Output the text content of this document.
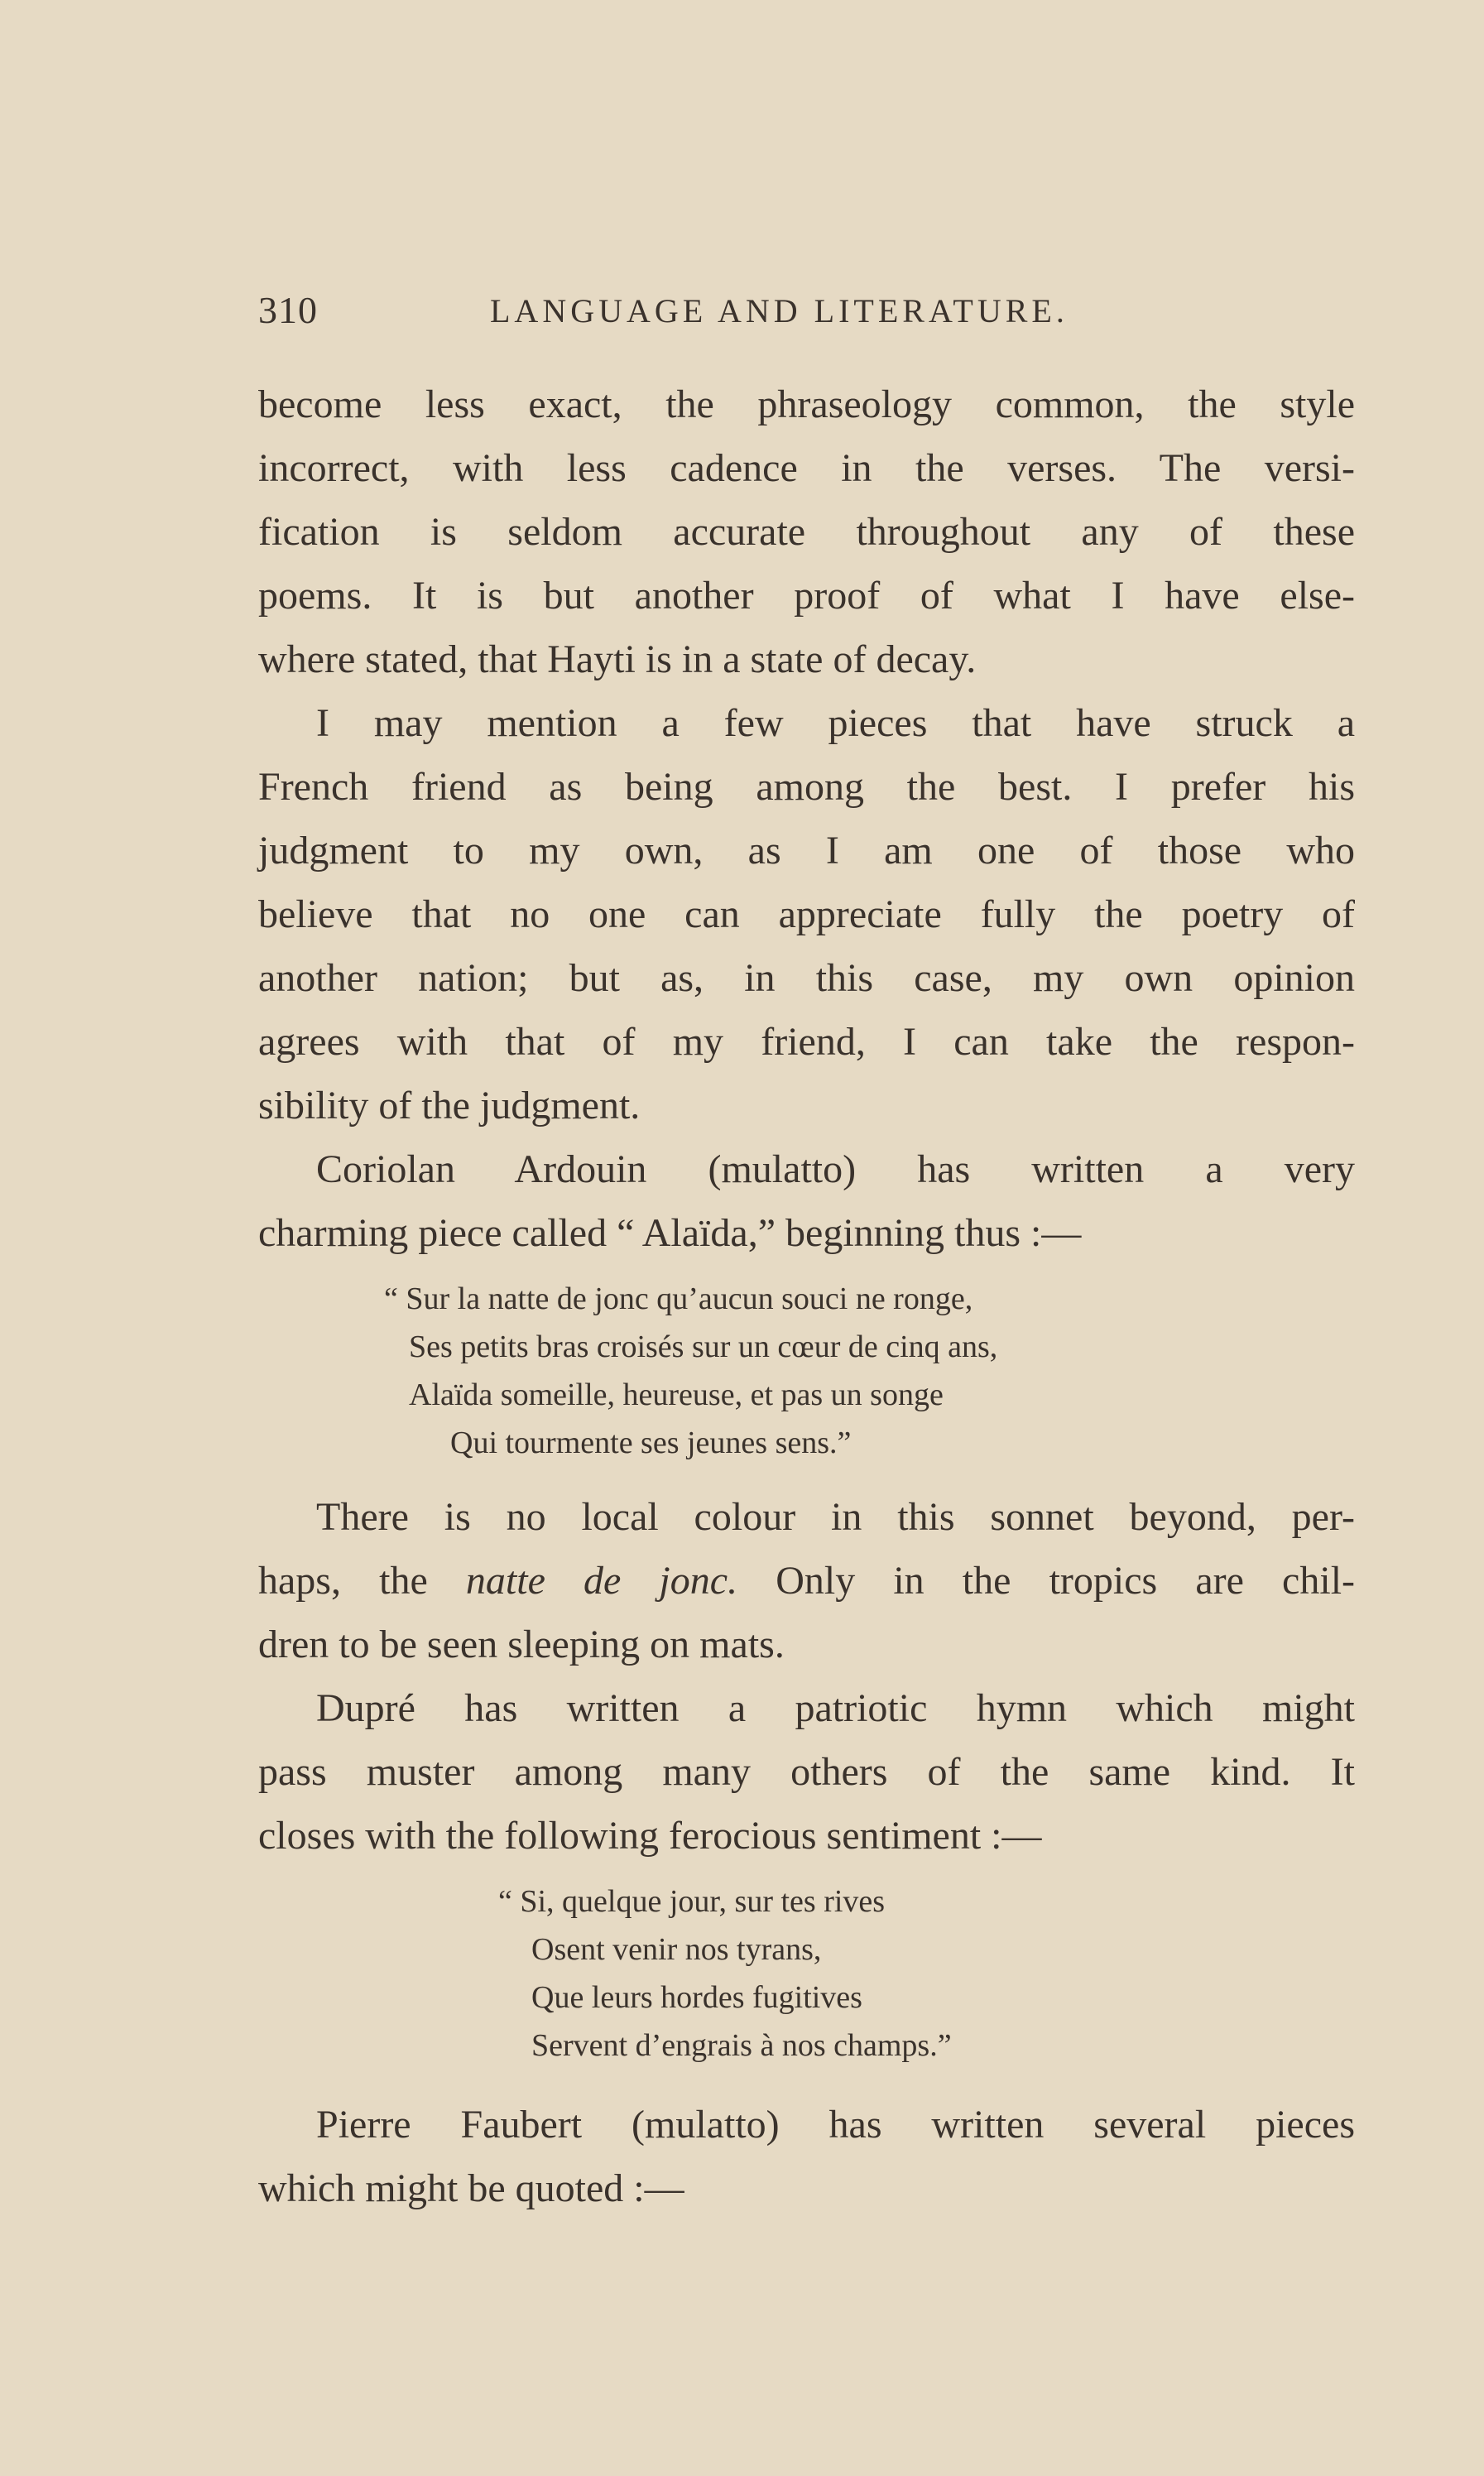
310	LANGUAGE AND LITERATURE.
become less exact, the phraseology common, the style
incorrect, with less cadence in the verses. The versi-
fication is seldom accurate throughout any of these
poems. It is but another proof of what I have else-
where stated, that Hayti is in a state of decay.
I may mention a few pieces that have struck a
French friend as being among the best. I prefer his
judgment to my own, as I am one of those who
believe that no one can appreciate fully the poetry of
another nation; but as, in this case, my own opinion
agrees with that of my friend, I can take the respon-
sibility of the judgment.
Coriolan Ardouin (mulatto) has written a very
charming piece called “ Alaïda,” beginning thus :—
“ Sur la natte de jonc qu’aucun souci ne ronge,
Ses petits bras croisés sur un cœur de cinq ans,
Alaïda someille, heureuse, et pas un songe
Qui tourmente ses jeunes sens.”
There is no local colour in this sonnet beyond, per-
haps, the natte de jonc. Only in the tropics are chil-
dren to be seen sleeping on mats.
Dupré has written a patriotic hymn which might
pass muster among many others of the same kind. It
closes with the following ferocious sentiment :—
“ Si, quelque jour, sur tes rives
Osent venir nos tyrans,
Que leurs hordes fugitives
Servent d’engrais à nos champs.”
Pierre Faubert (mulatto) has written several pieces
which might be quoted :—
